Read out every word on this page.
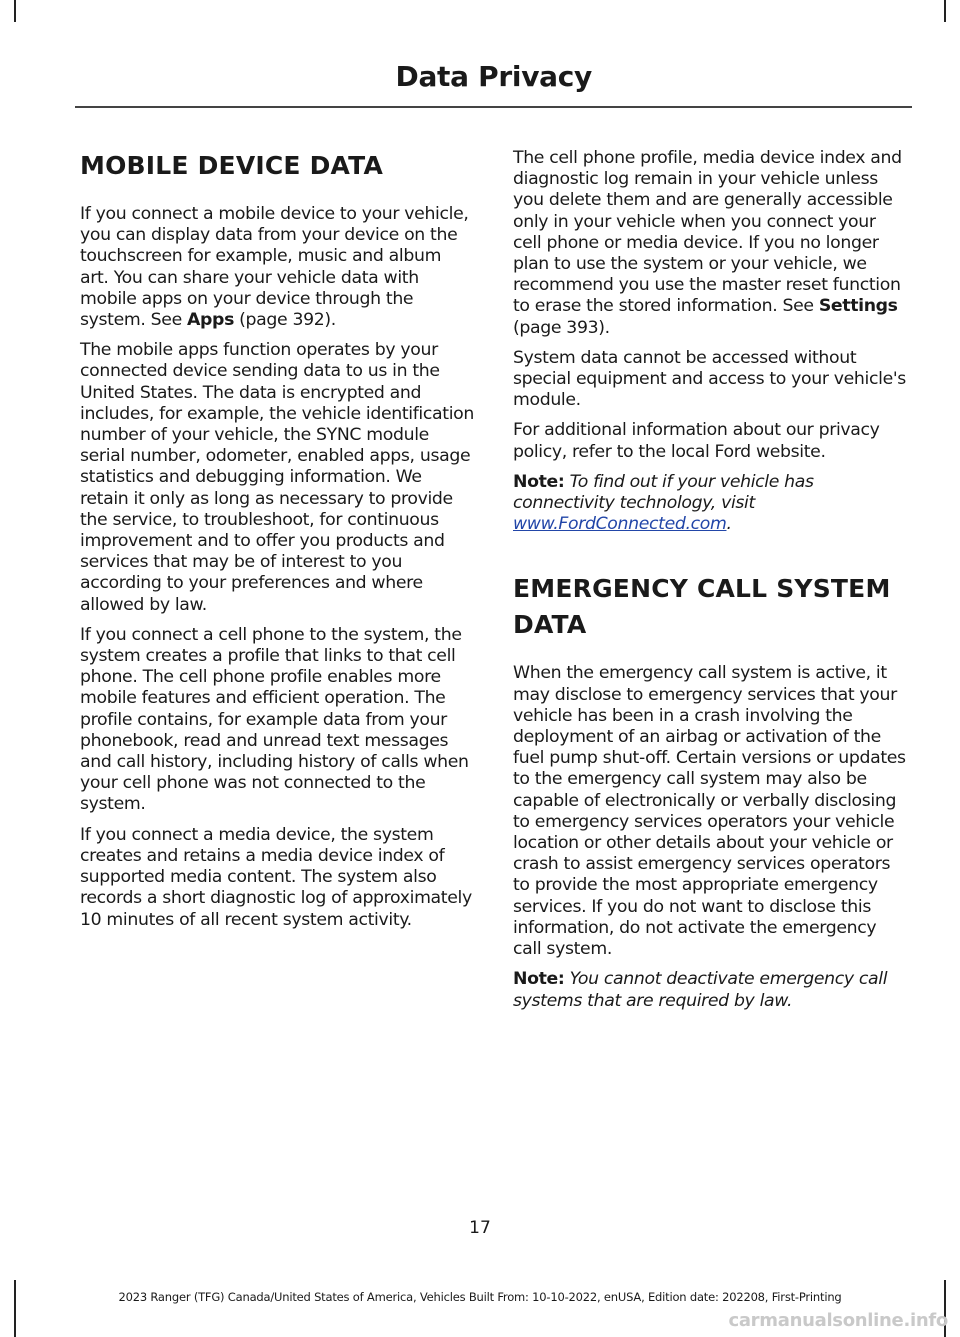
Data Privacy
MOBILE DEVICE DATA

If you connect a mobile device to your vehicle, you can display data from your device on the touchscreen for example, music and album art. You can share your vehicle data with mobile apps on your device through the system. See Apps (page 392).

The mobile apps function operates by your connected device sending data to us in the United States. The data is encrypted and includes, for example, the vehicle identification number of your vehicle, the SYNC module serial number, odometer, enabled apps, usage statistics and debugging information. We retain it only as long as necessary to provide the service, to troubleshoot, for continuous improvement and to offer you products and services that may be of interest to you according to your preferences and where allowed by law.

If you connect a cell phone to the system, the system creates a profile that links to that cell phone. The cell phone profile enables more mobile features and efficient operation. The profile contains, for example data from your phonebook, read and unread text messages and call history, including history of calls when your cell phone was not connected to the system.

If you connect a media device, the system creates and retains a media device index of supported media content. The system also records a short diagnostic log of approximately 10 minutes of all recent system activity.

The cell phone profile, media device index and diagnostic log remain in your vehicle unless you delete them and are generally accessible only in your vehicle when you connect your cell phone or media device. If you no longer plan to use the system or your vehicle, we recommend you use the master reset function to erase the stored information. See Settings (page 393).

System data cannot be accessed without special equipment and access to your vehicle's module.

For additional information about our privacy policy, refer to the local Ford website.

Note: To find out if your vehicle has connectivity technology, visit www.FordConnected.com.

EMERGENCY CALL SYSTEM
DATA

When the emergency call system is active, it may disclose to emergency services that your vehicle has been in a crash involving the deployment of an airbag or activation of the fuel pump shut-off. Certain versions or updates to the emergency call system may also be capable of electronically or verbally disclosing to emergency services operators your vehicle location or other details about your vehicle or crash to assist emergency services operators to provide the most appropriate emergency services. If you do not want to disclose this information, do not activate the emergency call system.

Note: You cannot deactivate emergency call systems that are required by law.

17
2023 Ranger (TFG) Canada/United States of America, Vehicles Built From: 10-10-2022, enUSA, Edition date: 202208, First-Printing
carmanualsonline.info
